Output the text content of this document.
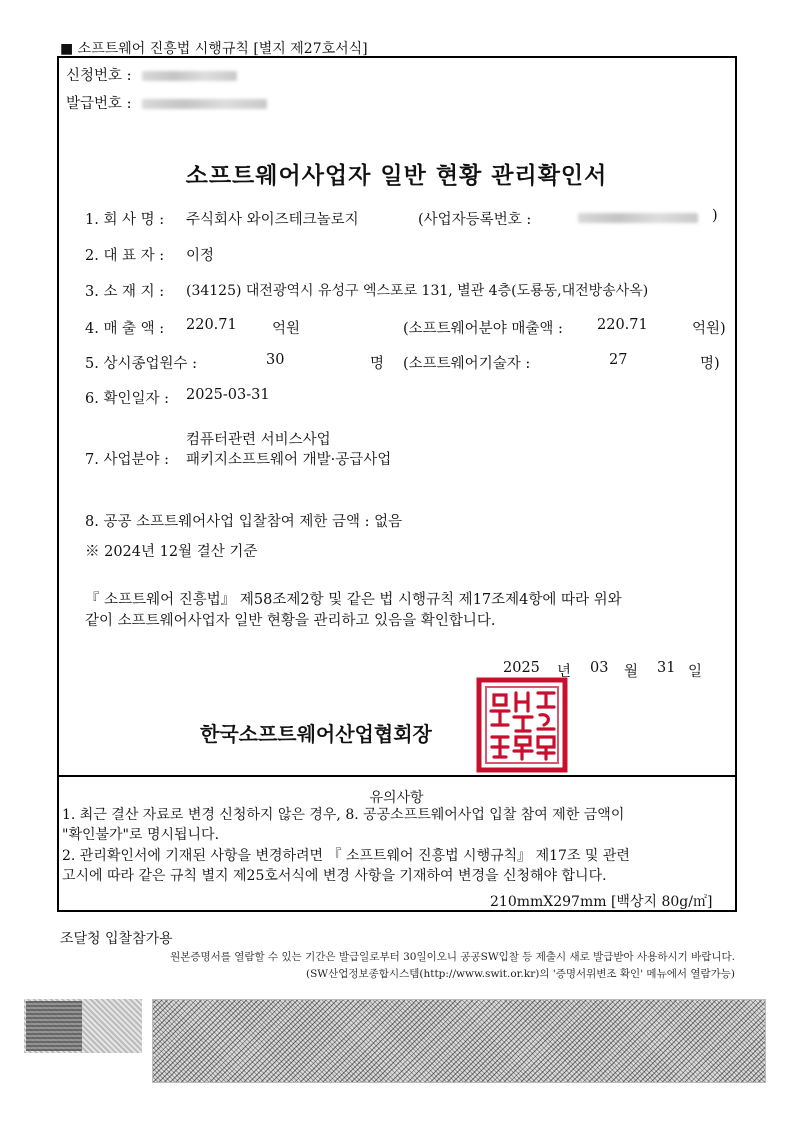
■ 소프트웨어 진흥법 시행규칙 [별지 제27호서식]
신청번호 :
발급번호 :
소프트웨어사업자 일반 현황 관리확인서
1. 회 사 명 : 주식회사 와이즈테크놀로지	(사업자등록번호 :	)
2. 대 표 자 : 이정
3. 소 재 지 : (34125) 대전광역시 유성구 엑스포로 131, 별관 4층(도룡동,대전방송사옥)
4. 매 출 액 : 220.71 억원	(소프트웨어분야 매출액 : 220.71	억원)
5. 상시종업원수 :	30	명 (소프트웨어기술자 :	27	명)
6. 확인일자 : 2025-03-31
컴퓨터관련 서비스사업
7. 사업분야 : 패키지소프트웨어 개발·공급사업
8. 공공 소프트웨어사업 입찰참여 제한 금액 : 없음
※ 2024년 12월 결산 기준
『 소프트웨어 진흥법』 제58조제2항 및 같은 법 시행규칙 제17조제4항에 따라 위와
같이 소프트웨어사업자 일반 현황을 관리하고 있음을 확인합니다.
2025 년 03 월 31 일
한국소프트웨어산업협회장
유의사항
1. 최근 결산 자료로 변경 신청하지 않은 경우, 8. 공공소프트웨어사업 입찰 참여 제한 금액이
"확인불가"로 명시됩니다.
2. 관리확인서에 기재된 사항을 변경하려면 『 소프트웨어 진흥법 시행규칙』 제17조 및 관련
고시에 따라 같은 규칙 별지 제25호서식에 변경 사항을 기재하여 변경을 신청해야 합니다.
210mmX297mm [백상지 80g/㎡]
조달청 입찰참가용
원본증명서를 열람할 수 있는 기간은 발급일로부터 30일이오니 공공SW입찰 등 제출시 새로 발급받아 사용하시기 바랍니다.
(SW산업정보종합시스템(http://www.swit.or.kr)의 '증명서위변조 확인' 메뉴에서 열람가능)
